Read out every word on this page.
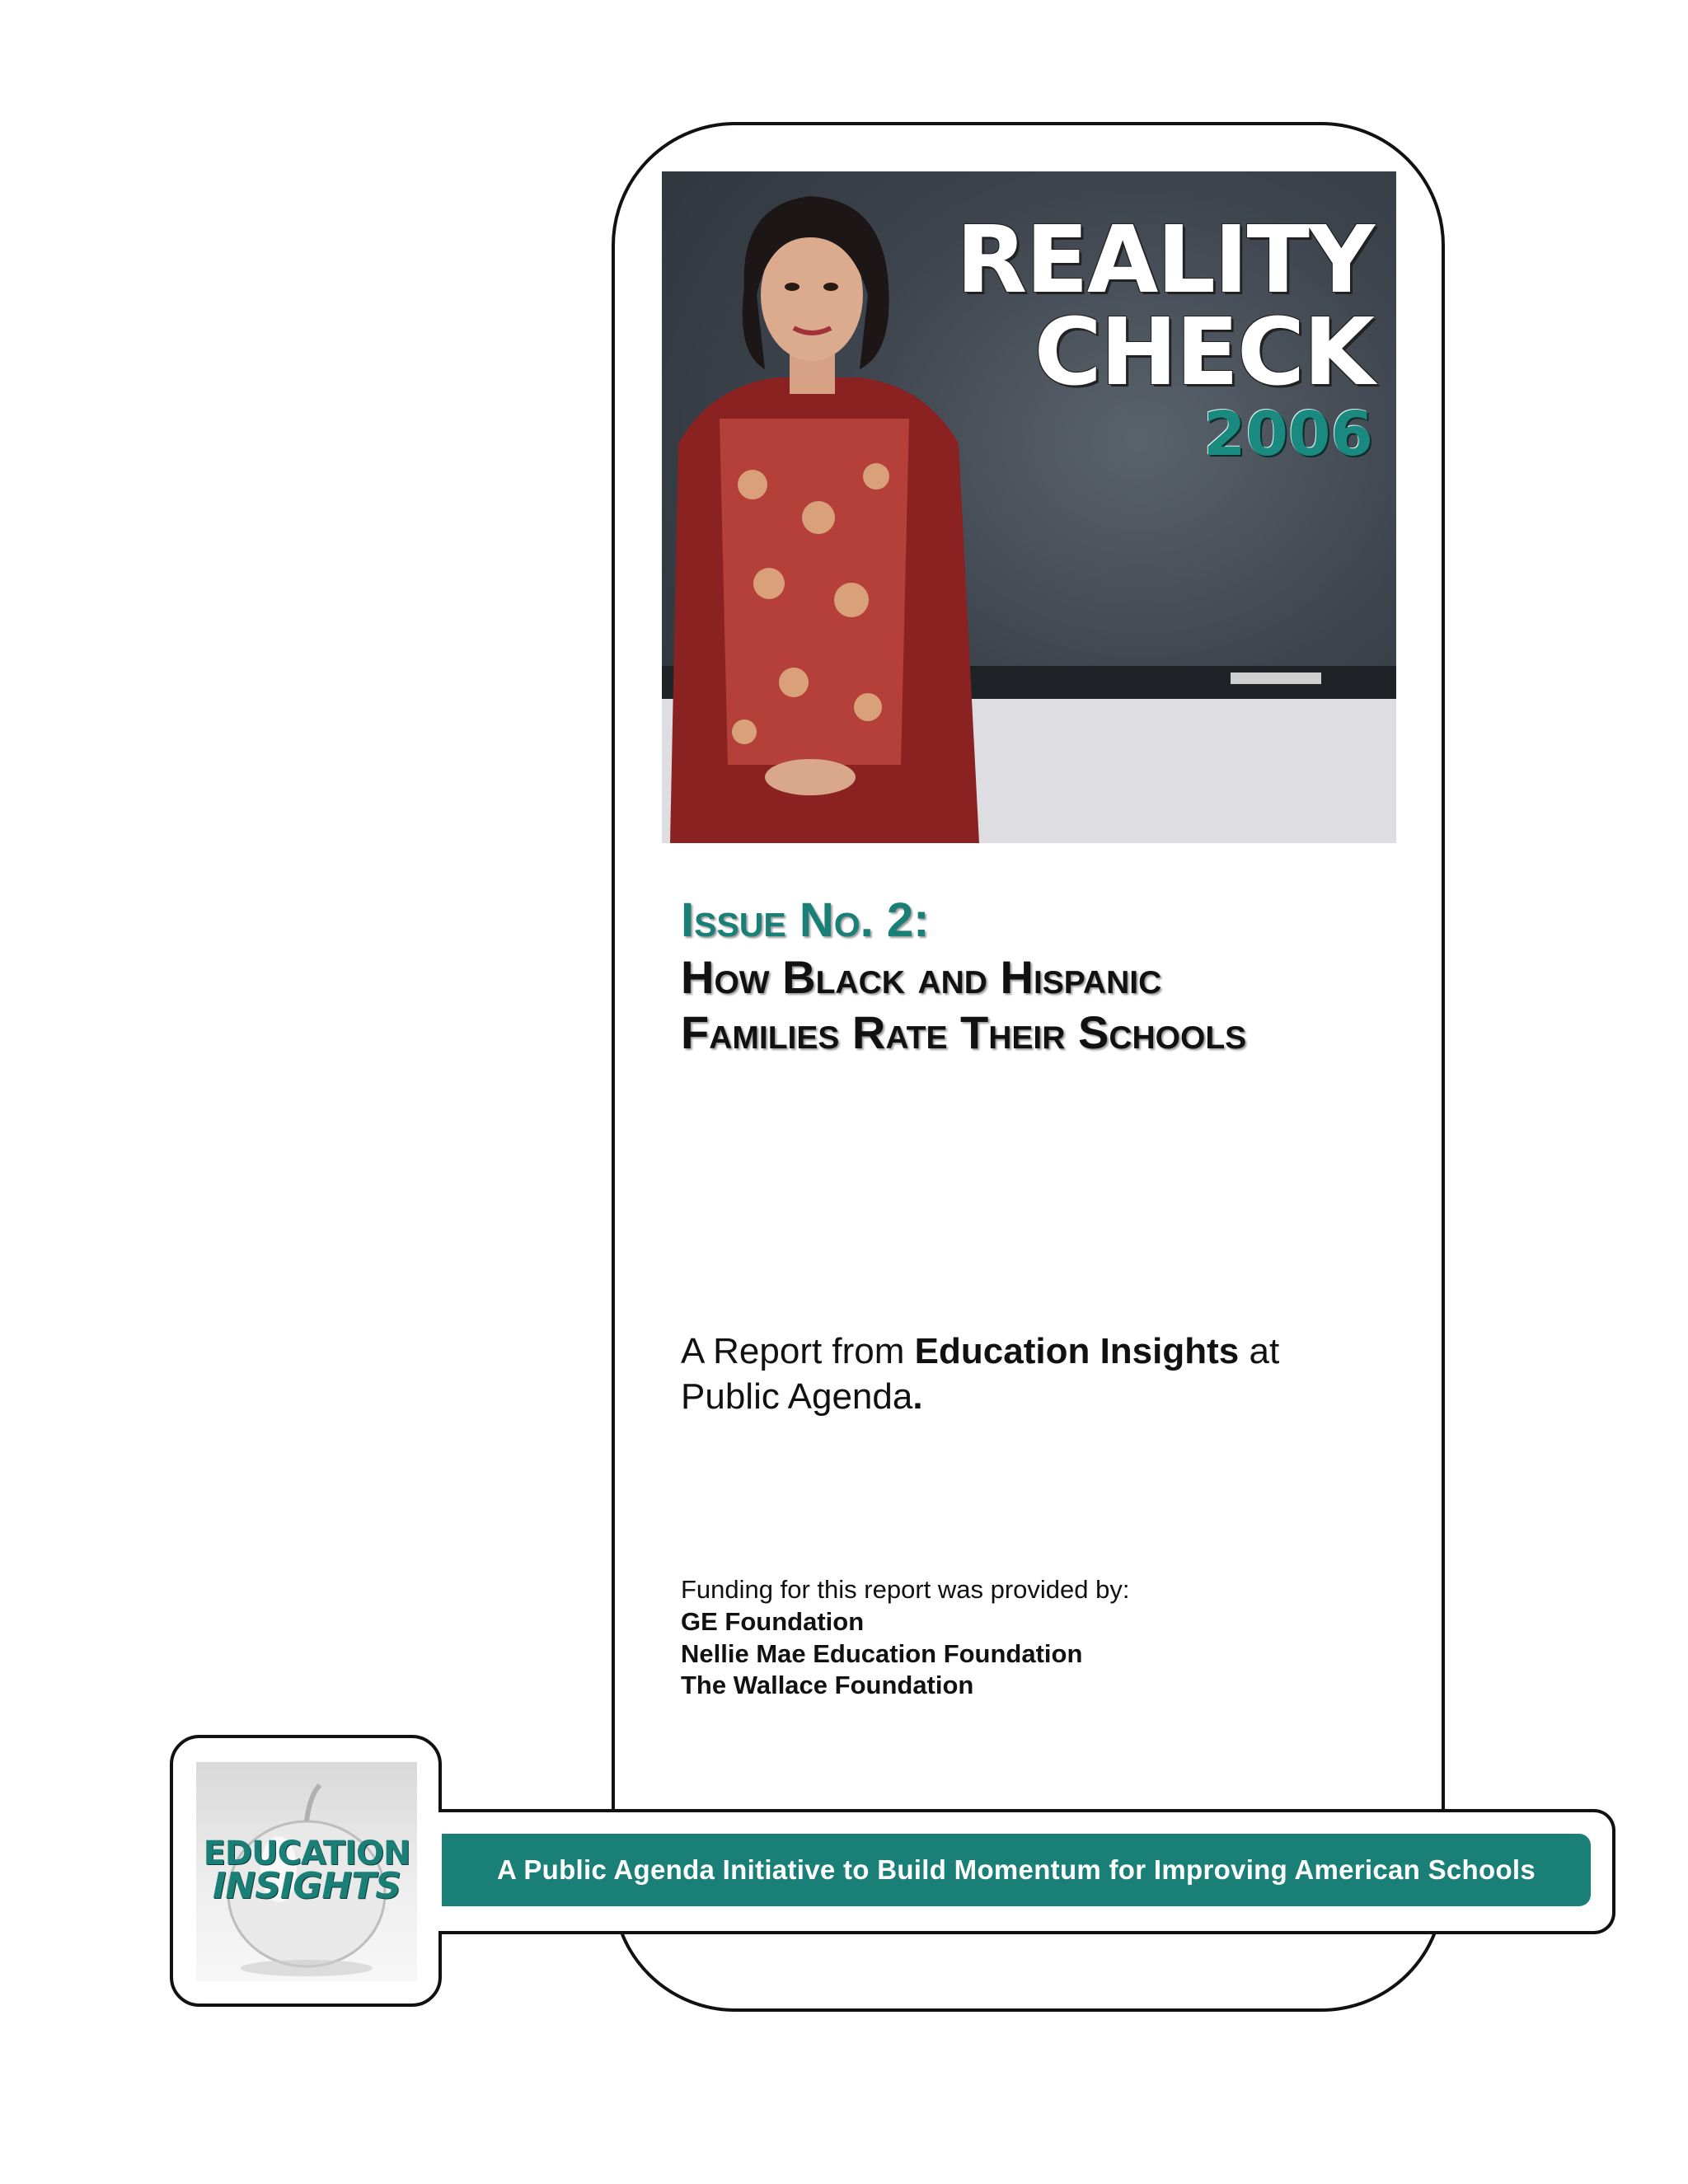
REALITY
CHECK
2006
Issue No. 2:
How Black and Hispanic
Families Rate Their Schools
A Report from Education Insights at
Public Agenda.
Funding for this report was provided by:
GE Foundation
Nellie Mae Education Foundation
The Wallace Foundation
EDUCATION
INSIGHTS	A Public Agenda Initiative to Build Momentum for Improving American Schools
